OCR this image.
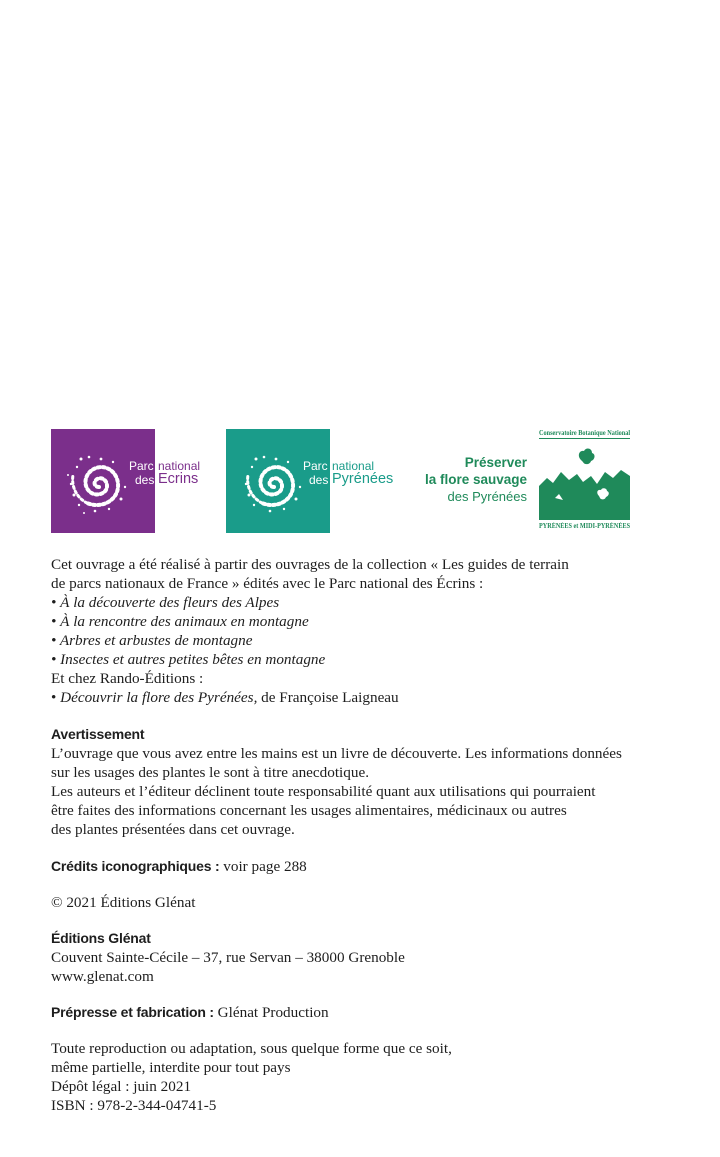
Parc national
des Ecrins
Parc national
des Pyrénées
Préserver
la flore sauvage
des Pyrénées
Conservatoire Botanique National
PYRÉNÉES et MIDI-PYRÉNÉES

Cet ouvrage a été réalisé à partir des ouvrages de la collection « Les guides de terrain

de parcs nationaux de France » édités avec le Parc national des Écrins :

• À la découverte des fleurs des Alpes

• À la rencontre des animaux en montagne

• Arbres et arbustes de montagne

• Insectes et autres petites bêtes en montagne

Et chez Rando-Éditions :

• Découvrir la flore des Pyrénées, de Françoise Laigneau

Avertissement

L’ouvrage que vous avez entre les mains est un livre de découverte. Les informations données

sur les usages des plantes le sont à titre anecdotique.

Les auteurs et l’éditeur déclinent toute responsabilité quant aux utilisations qui pourraient

être faites des informations concernant les usages alimentaires, médicinaux ou autres

des plantes présentées dans cet ouvrage.

Crédits iconographiques : voir page 288

© 2021 Éditions Glénat

Éditions Glénat

Couvent Sainte-Cécile – 37, rue Servan – 38000 Grenoble

www.glenat.com

Prépresse et fabrication : Glénat Production

Toute reproduction ou adaptation, sous quelque forme que ce soit,

même partielle, interdite pour tout pays

Dépôt légal : juin 2021

ISBN : 978-2-344-04741-5
